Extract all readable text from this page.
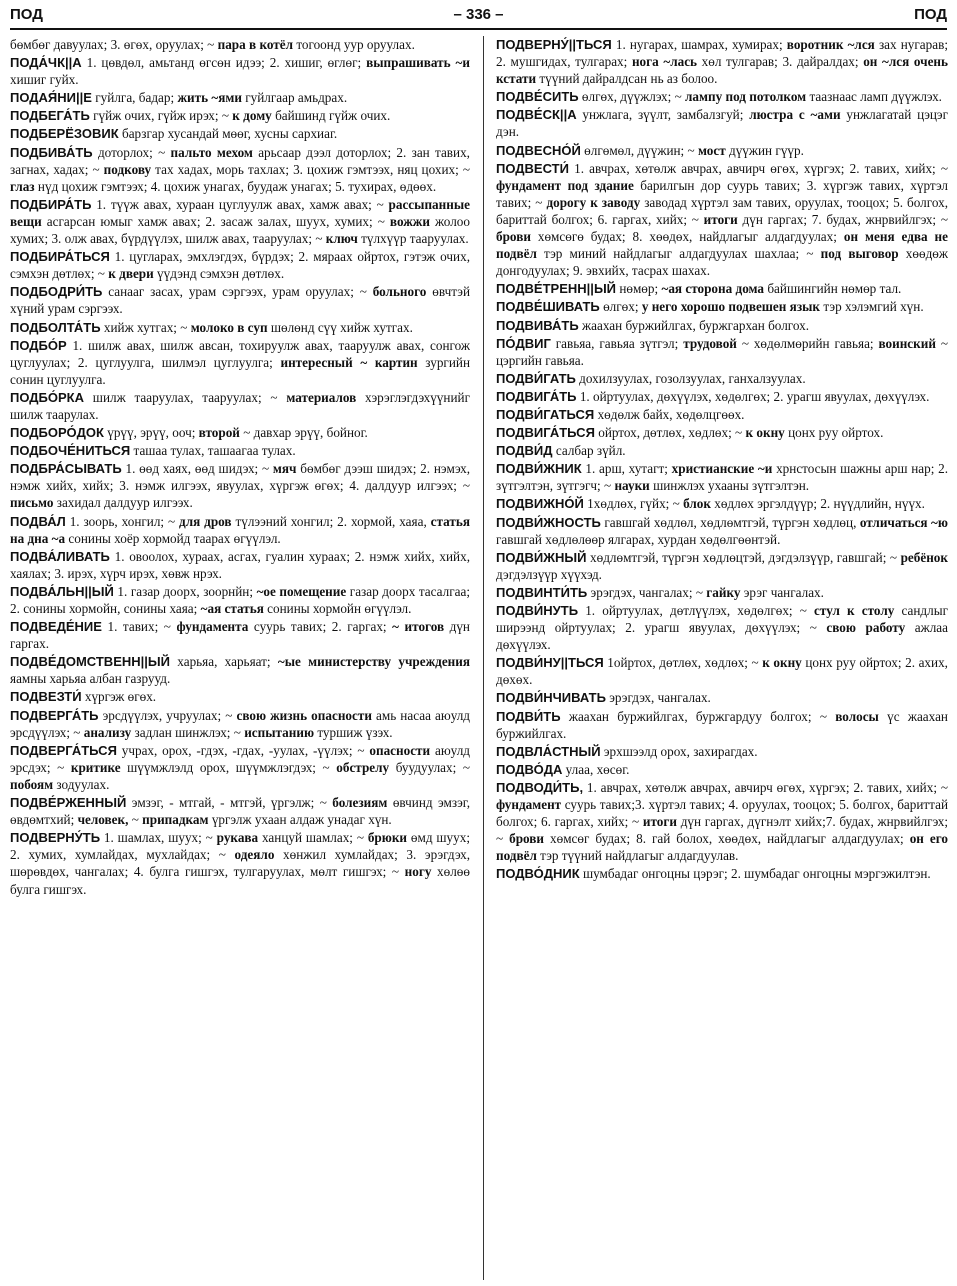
ПОД	– 336 –	ПОД

бөмбөг давуулах; 3. өгөх, оруулах; ~ пара в котёл тогоонд уур оруулах.

ПОДА́ЧК||А 1. цөвдөл, амьтанд өгсөн идээ; 2. хишиг, өглөг; выпрашивать ~и хишиг гуйх.

ПОДАЯ́НИ||Е гуйлга, бадар; жить ~ями гуйлгаар амьдрах.

ПОДБЕГА́ТЬ гүйж очих, гүйж ирэх; ~ к дому байшинд гүйж очих.

ПОДБЕРЁЗОВИК барзгар хусандай мөөг, хусны сархиаг.

ПОДБИВА́ТЬ доторлох; ~ пальто мехом арьсаар дээл доторлох; 2. зан тавих, загнах, хадах; ~ подкову тах хадах, морь тахлах; 3. цохиж гэмтээх, няц цохих; ~ глаз нүд цохиж гэмтээх; 4. цохиж унагах, буудаж унагах; 5. тухирах, өдөөх.

ПОДБИРА́ТЬ 1. түүж авах, хураан цуглуулж авах, хамж авах; ~ рассыпанные вещи асгарсан юмыг хамж авах; 2. засаж залах, шуух, хумих; ~ вожжи жолоо хумих; 3. олж авах, бүрдүүлэх, шилж авах, тааруулах; ~ ключ түлхүүр тааруулах.

ПОДБИРА́ТЬСЯ 1. цугларах, эмхлэгдэх, бүрдэх; 2. мяраах ойртох, гэтэж очих, сэмхэн дөтлөх; ~ к двери үүдэнд сэмхэн дөтлөх.

ПОДБОДРИ́ТЬ санааг засах, урам сэргээх, урам оруулах; ~ больного өвчтэй хүний урам сэргээх.

ПОДБОЛТА́ТЬ хийж хутгах; ~ молоко в суп шөлөнд сүү хийж хутгах.

ПОДБО́Р 1. шилж авах, шилж авсан, тохируулж авах, тааруулж авах, сонгож цуглуулах; 2. цуглуулга, шилмэл цуглуулга; интересный ~ картин зургийн сонин цуглуулга.

ПОДБО́РКА шилж тааруулах, тааруулах; ~ материалов хэрэглэгдэхүүнийг шилж таарулах.

ПОДБОРО́ДОК үрүү, эрүү, ооч; второй ~ давхар эрүү, бойног.

ПОДБОЧЕ́НИТЬСЯ ташаа тулах, ташаагаа тулах.

ПОДБРА́СЫВАТЬ 1. өөд хаях, өөд шидэх; ~ мяч бөмбөг дээш шидэх; 2. нэмэх, нэмж хийх, хийх; 3. нэмж илгээх, явуулах, хүргэж өгөх; 4. далдуур илгээх; ~ письмо захидал далдуур илгээх.

ПОДВА́Л 1. зоорь, хонгил; ~ для дров түлээний хонгил; 2. хормой, хаяа, статья на дна ~а сонины хоёр хормойд таарах өгүүлэл.

ПОДВА́ЛИВАТЬ 1. овоолох, хураах, асгах, гуалин хураах; 2. нэмж хийх, хийх, хаялах; 3. ирэх, хүрч ирэх, хөвж нрэх.

ПОДВА́ЛЬН||ЫЙ 1. газар доорх, зоорнйн; ~ое помещение газар доорх тасалгаа; 2. сонины хормойн, сонины хаяа; ~ая статья сонины хормойн өгүүлэл.

ПОДВЕДЕ́НИЕ 1. тавих; ~ фундамента суурь тавих; 2. гаргах; ~ итогов дүн гаргах.

ПОДВЕ́ДОМСТВЕНН||ЫЙ харьяа, харьяат; ~ые министерству учреждения яамны харьяа албан газрууд.

ПОДВЕЗТИ́ хүргэж өгөх.

ПОДВЕРГА́ТЬ эрсдүүлэх, учруулах; ~ свою жизнь опасности амь насаа аюулд эрсдүүлэх; ~ анализу задлан шинжлэх; ~ испытанию туршиж үзэх.

ПОДВЕРГА́ТЬСЯ учрах, орох, -гдэх, -гдах, -уулах, -үүлэх; ~ опасности аюулд эрсдэх; ~ критике шүүмжлэлд орох, шүүмжлэгдэх; ~ обстрелу буудуулах; ~ побоям зодуулах.

ПОДВЕ́РЖЕННЫЙ эмзэг, - мтгай, - мтгэй, үргэлж; ~ болезиям өвчинд эмзэг, өвдөмтхий; человек, ~ припадкам үргэлж ухаан алдаж унадаг хүн.

ПОДВЕРНУ́ТЬ 1. шамлах, шуух; ~ рукава ханцуй шамлах; ~ брюки өмд шуух; 2. хумих, хумлайдах, мухлайдах; ~ одеяло хөнжил хумлайдах; 3. эрэгдэх, шөрөвдөх, чангалах; 4. булга гишгэх, тулгаруулах, мөлт гишгэх; ~ ногу хөлөө булга гишгэх.

ПОДВЕРНУ́||ТЬСЯ 1. нугарах, шамрах, хумирах; воротник ~лся зах нугарав; 2. мушгидах, тулгарах; нога ~лась хөл тулгарав; 3. дайралдах; он ~лся очень кстати түүний дайралдсан нь аз болоо.

ПОДВЕ́СИТЬ өлгөх, дүүжлэх; ~ лампу под потолком таазнаас ламп дүүжлэх.

ПОДВЕ́СК||А унжлага, зүүлт, замбалзгуй; люстра с ~ами унжлагатай цэцэг дэн.

ПОДВЕСНО́Й өлгөмөл, дүүжин; ~ мост дүүжин гүүр.

ПОДВЕСТИ́ 1. авчрах, хөтөлж авчрах, авчирч өгөх, хүргэх; 2. тавих, хийх; ~ фундамент под здание барилгын дор суурь тавих; 3. хүргэж тавих, хүртэл тавих; ~ дорогу к заводу заводад хүртэл зам тавих, оруулах, тооцох; 5. болгох, бариттай болгох; 6. гаргах, хийх; ~ итоги дүн гаргах; 7. будах, жнрвийлгэх; ~ брови хөмсөгө будах; 8. хөөдөх, найдлагыг алдагдуулах; он меня едва не подвёл тэр миний найдлагыг алдагдуулах шахлаа; ~ под выговор хөөдөж донгодуулах; 9. эвхийх, тасрах шахах.

ПОДВЕ́ТРЕНН||ЫЙ нөмөр; ~ая сторона дома байшингийн нөмөр тал.

ПОДВЕ́ШИВАТЬ өлгөх; у него хорошо подвешен язык тэр хэлэмгий хүн.

ПОДВИВА́ТЬ жаахан буржийлгах, буржгархан болгох.

ПО́ДВИГ гавьяа, гавьяа зүтгэл; трудовой ~ хөдөлмөрийн гавьяа; воинский ~ цэргийн гавьяа.

ПОДВИ́ГАТЬ дохилзуулах, гозолзуулах, ганхалзуулах.

ПОДВИГА́ТЬ 1. ойртуулах, дөхүүлэх, хөдөлгөх; 2. урагш явуулах, дөхүүлэх.

ПОДВИ́ГАТЬСЯ хөдөлж байх, хөдөлцгөөх.

ПОДВИГА́ТЬСЯ ойртох, дөтлөх, хөдлөх; ~ к окну цонх руу ойртох.

ПОДВИ́Д салбар зүйл.

ПОДВИ́ЖНИК 1. арш, хутагт; христианские ~и хрнстосын шажны арш нар; 2. зүтгэлтэн, зүтгэгч; ~ науки шинжлэх ухааны зүтгэлтэн.

ПОДВИЖНО́Й 1хөдлөх, гүйх; ~ блок хөдлөх эргэлдүүр; 2. нүүдлийн, нүүх.

ПОДВИ́ЖНОСТЬ гавшгай хөдлөл, хөдлөмтгэй, түргэн хөдлөц, отличаться ~ю гавшгай хөдлөлөөр ялгарах, хурдан хөдөлгөөнтэй.

ПОДВИ́ЖНЫЙ хөдлөмтгэй, түргэн хөдлөцтэй, дэгдэлзүүр, гавшгай; ~ ребёнок дэгдэлзүүр хүүхэд.

ПОДВИНТИ́ТЬ эрэгдэх, чангалах; ~ гайку эрэг чангалах.

ПОДВИ́НУТЬ 1. ойртуулах, дөтлүүлэх, хөдөлгөх; ~ стул к столу сандлыг ширээнд ойртуулах; 2. урагш явуулах, дөхүүлэх; ~ свою работу ажлаа дөхүүлэх.

ПОДВИ́НУ||ТЬСЯ 1ойртох, дөтлөх, хөдлөх; ~ к окну цонх руу ойртох; 2. ахих, дөхөх.

ПОДВИ́НЧИВАТЬ эрэгдэх, чангалах.

ПОДВИ́ТЬ жаахан буржийлгах, буржгардуу болгох; ~ волосы үс жаахан буржийлгах.

ПОДВЛА́СТНЫЙ эрхшээлд орох, захирагдах.

ПОДВО́ДА улаа, хөсөг.

ПОДВОДИ́ТЬ, 1. авчрах, хөтөлж авчрах, авчирч өгөх, хүргэх; 2. тавих, хийх; ~ фундамент суурь тавих;3. хүртэл тавих; 4. оруулах, тооцох; 5. болгох, бариттай болгох; 6. гаргах, хийх; ~ итоги дүн гаргах, дүгнэлт хийх;7. будах, жнрвийлгэх; ~ брови хөмсөг будах; 8. гай болох, хөөдөх, найдлагыг алдагдуулах; он его подвёл тэр түүний найдлагыг алдагдуулав.

ПОДВО́ДНИК шумбадаг онгоцны цэрэг; 2. шумбадаг онгоцны мэргэжилтэн.
